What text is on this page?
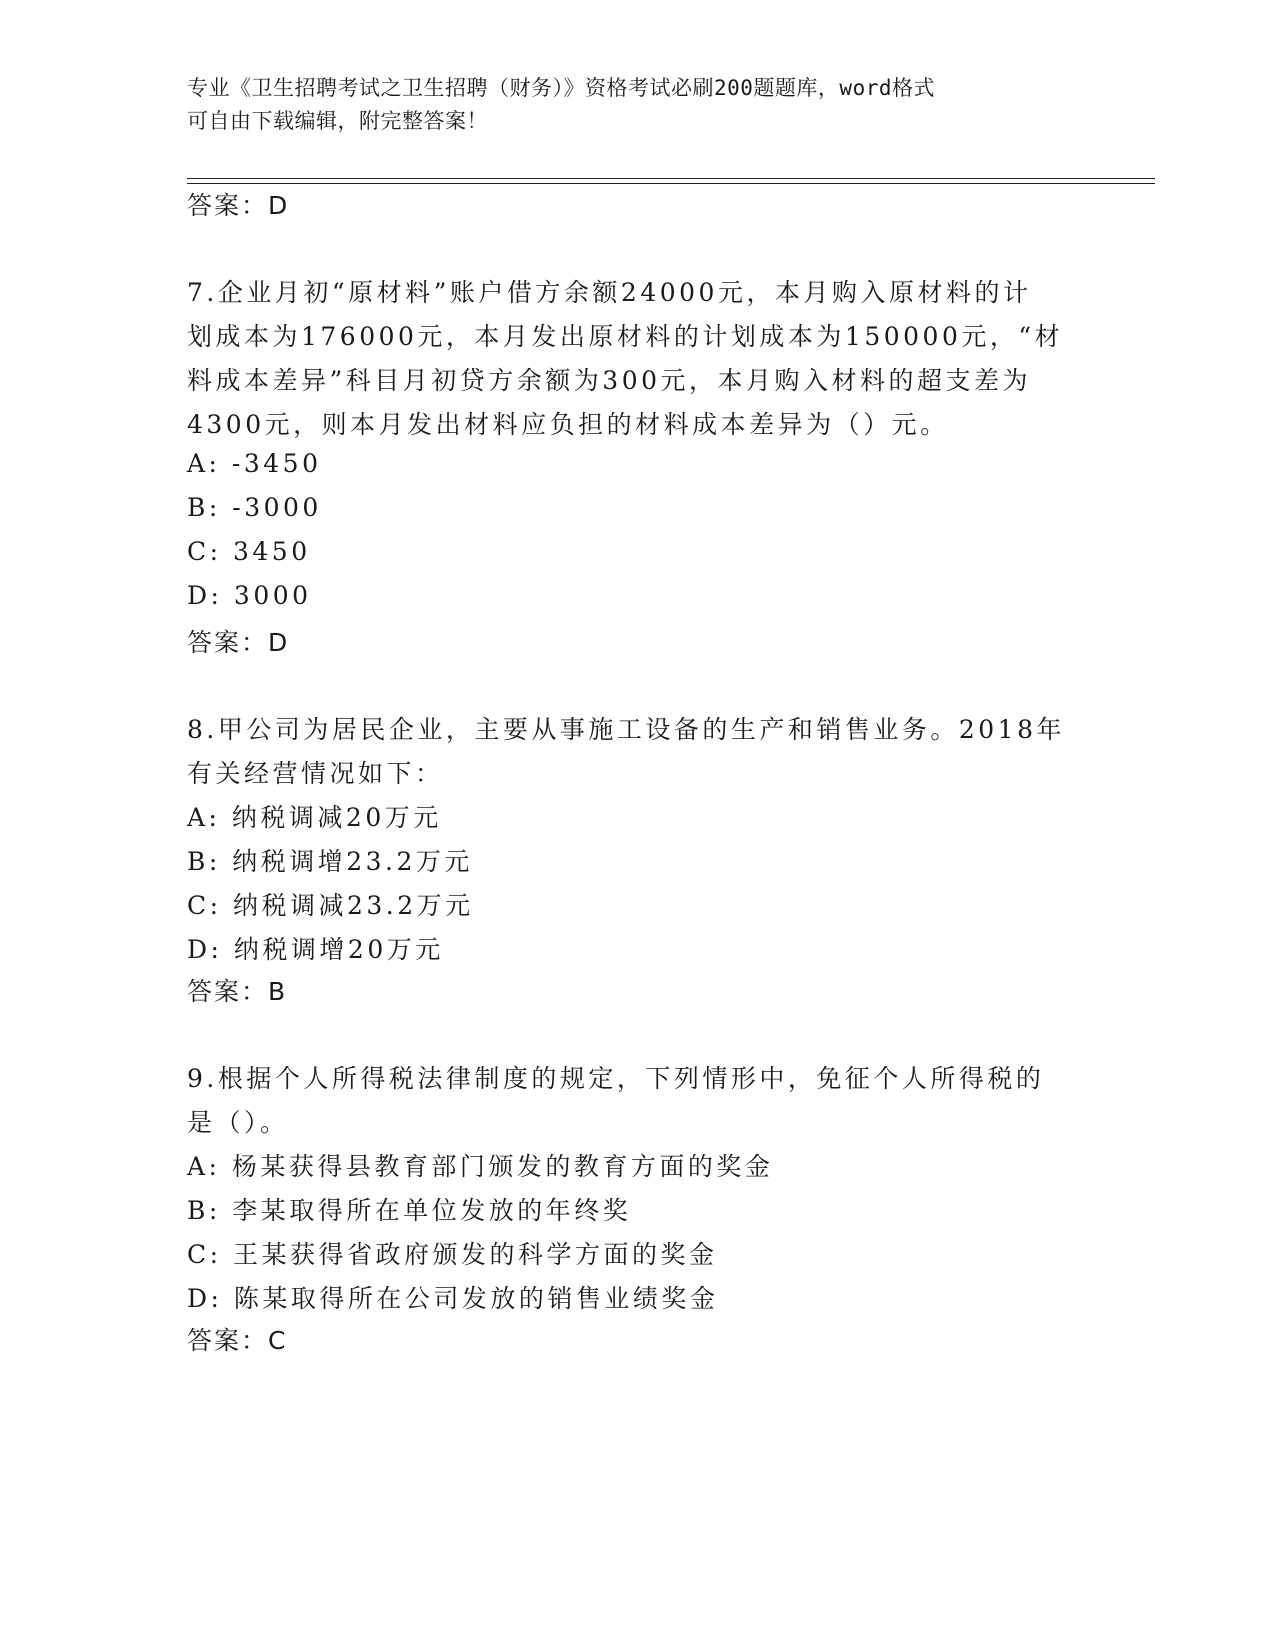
专业《卫生招聘考试之卫生招聘（财务）》资格考试必刷200题题库，word格式
可自由下载编辑，附完整答案！
答案：D
7.企业月初“原材料”账户借方余额24000元，本月购入原材料的计
划成本为176000元，本月发出原材料的计划成本为150000元，“材
料成本差异”科目月初贷方余额为300元，本月购入材料的超支差为
4300元，则本月发出材料应负担的材料成本差异为（）元。
A: -3450
B: -3000
C: 3450
D: 3000
答案：D
8.甲公司为居民企业，主要从事施工设备的生产和销售业务。2018年
有关经营情况如下：
A: 纳税调减20万元
B: 纳税调增23.2万元
C: 纳税调减23.2万元
D: 纳税调增20万元
答案：B
9.根据个人所得税法律制度的规定，下列情形中，免征个人所得税的
是（）。
A: 杨某获得县教育部门颁发的教育方面的奖金
B: 李某取得所在单位发放的年终奖
C: 王某获得省政府颁发的科学方面的奖金
D: 陈某取得所在公司发放的销售业绩奖金
答案：C
